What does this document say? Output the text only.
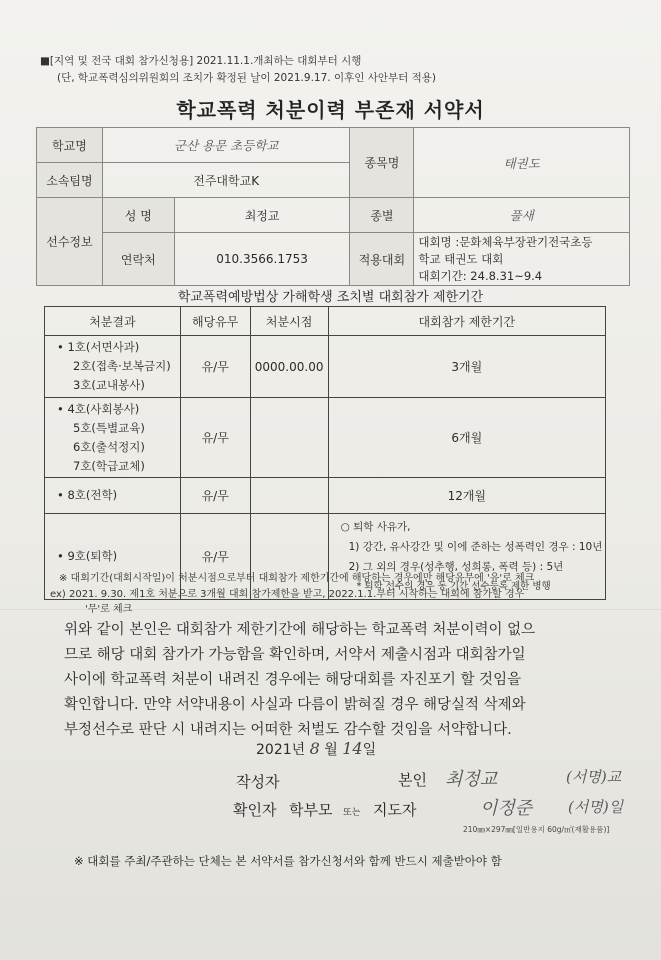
■[지역 및 전국 대회 참가신청용] 2021.11.1.개최하는 대회부터 시행
(단, 학교폭력심의위원회의 조치가 확정된 날이 2021.9.17. 이후인 사안부터 적용)
학교폭력 처분이력 부존재 서약서
학교명	군산 용문 초등학교		종목명	태권도
소속팀명	전주대학교K			
선수정보	성 명	최정교	종별	풀새
	연락처	010.3566.1753	적용대회	대회명 :문화체육부장관기전국초등
학교 태권도 대회
대회기간: 24.8.31~9.4
학교폭력예방법상 가해학생 조치별 대회참가 제한기간
처분결과	해당유무	처분시점	대회참가 제한기간

• 1호(서면사과)
2호(접촉·보복금지)
3호(교내봉사)	유/무	0000.00.00	3개월

• 4호(사회봉사)
5호(특별교육)
6호(출석정지)
7호(학급교체)	유/무		6개월

• 8호(전학)	유/무		12개월

• 9호(퇴학)	유/무		○ 퇴학 사유가,
1) 강간, 유사강간 및 이에 준하는 성폭력인 경우 : 10년
2) 그 외의 경우(성추행, 성희롱, 폭력 등) : 5년
* 퇴학 선수의 경우 동 기간 선수등록 제한 병행
※ 대회기간(대회시작일)이 처분시점으로부터 대회참가 제한기간에 해당하는 경우에만 해당유무에 '유'로 체크
ex) 2021. 9.30. 제1호 처분으로 3개월 대회 참가제한을 받고, 2022.1.1.부터 시작하는 대회에 참가할 경우
'무'로 체크
위와 같이 본인은 대회참가 제한기간에 해당하는 학교폭력 처분이력이 없으
므로 해당 대회 참가가 가능함을 확인하며, 서약서 제출시점과 대회참가일
사이에 학교폭력 처분이 내려진 경우에는 해당대회를 자진포기 할 것임을
확인합니다. 만약 서약내용이 사실과 다름이 밝혀질 경우 해당실적 삭제와
부정선수로 판단 시 내려지는 어떠한 처벌도 감수할 것임을 서약합니다.
2021년 8 월 14일
작성자	본인 최정교	(서명)교
확인자 학부모 또는 지도자	이정준 (서명)일
210㎜×297㎜[일반용지 60g/㎡(재활용품)]
※ 대회를 주최/주관하는 단체는 본 서약서를 참가신청서와 함께 반드시 제출받아야 함
